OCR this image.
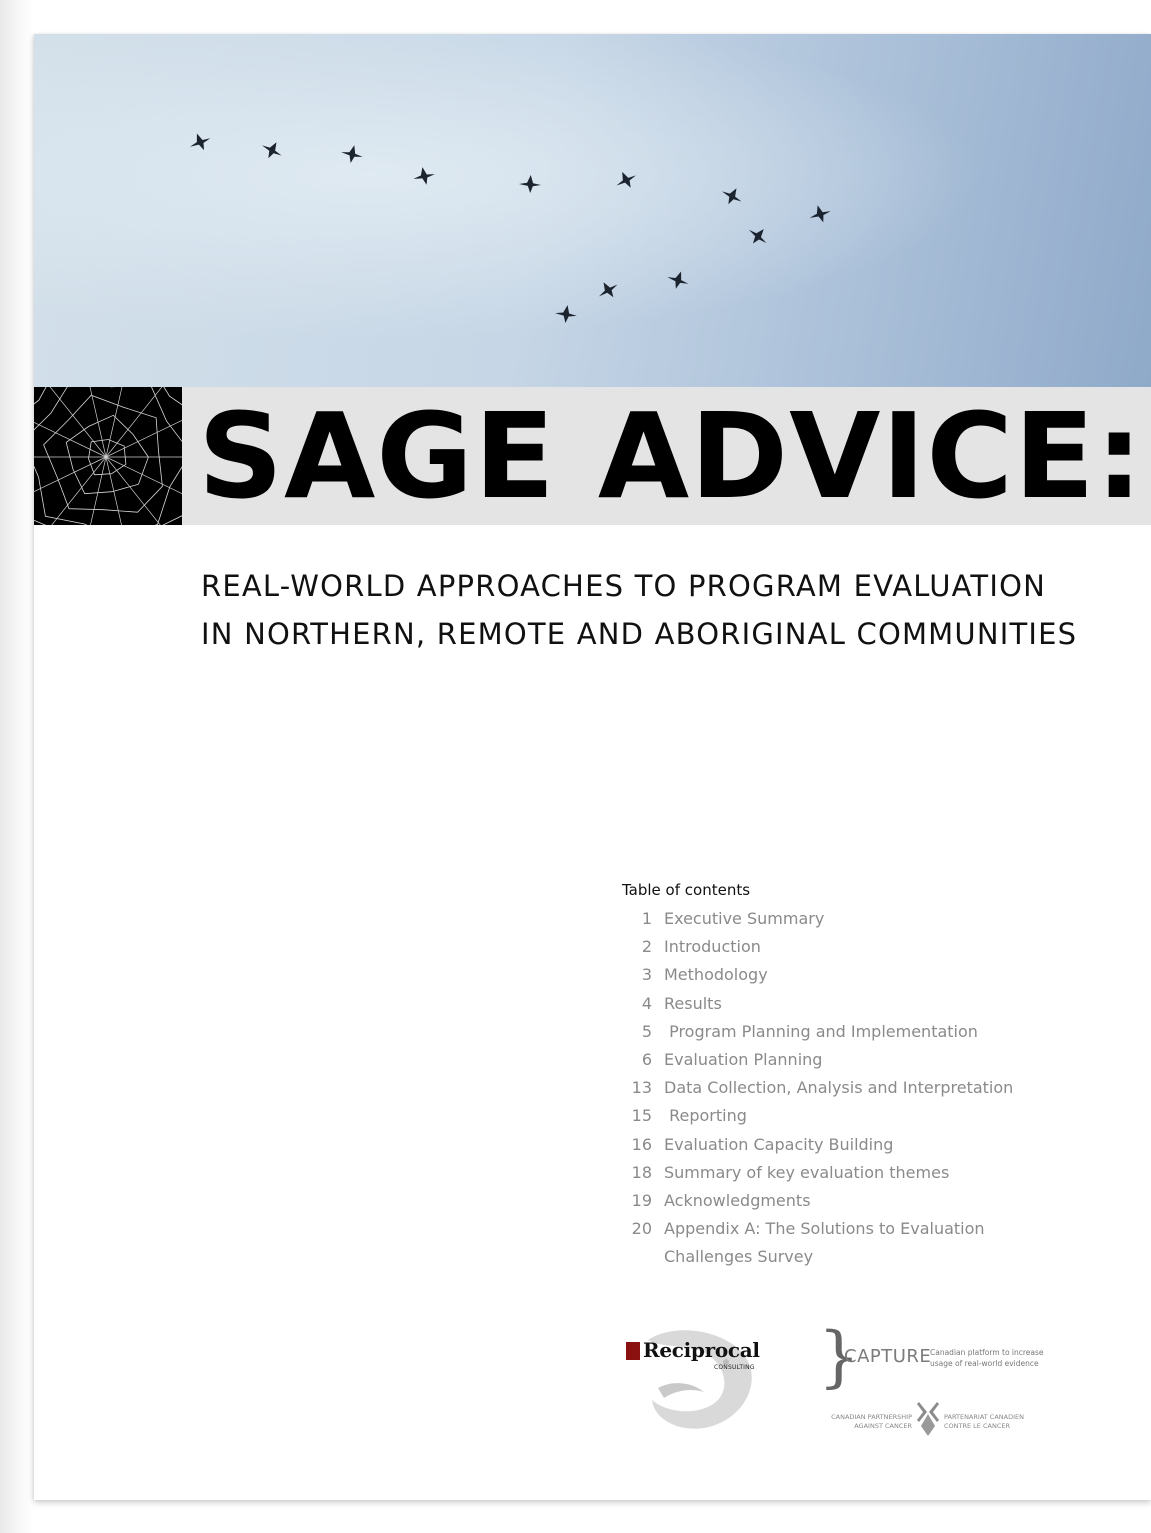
SAGE ADVICE:
REAL-WORLD APPROACHES TO PROGRAM EVALUATION
IN NORTHERN, REMOTE AND ABORIGINAL COMMUNITIES
Table of contents
1 Executive Summary
2 Introduction
3 Methodology
4 Results
5 Program Planning and Implementation
6 Evaluation Planning
13 Data Collection, Analysis and Interpretation
15 Reporting
16 Evaluation Capacity Building
18 Summary of key evaluation themes
19 Acknowledgments
20 Appendix A: The Solutions to Evaluation
Challenges Survey
Reciprocal
CONSULTING }
CAPTURE
Canadian platform to increase usage of real-world evidence
CANADIAN PARTNERSHIP AGAINST CANCER
PARTENARIAT CANADIEN CONTRE LE CANCER
